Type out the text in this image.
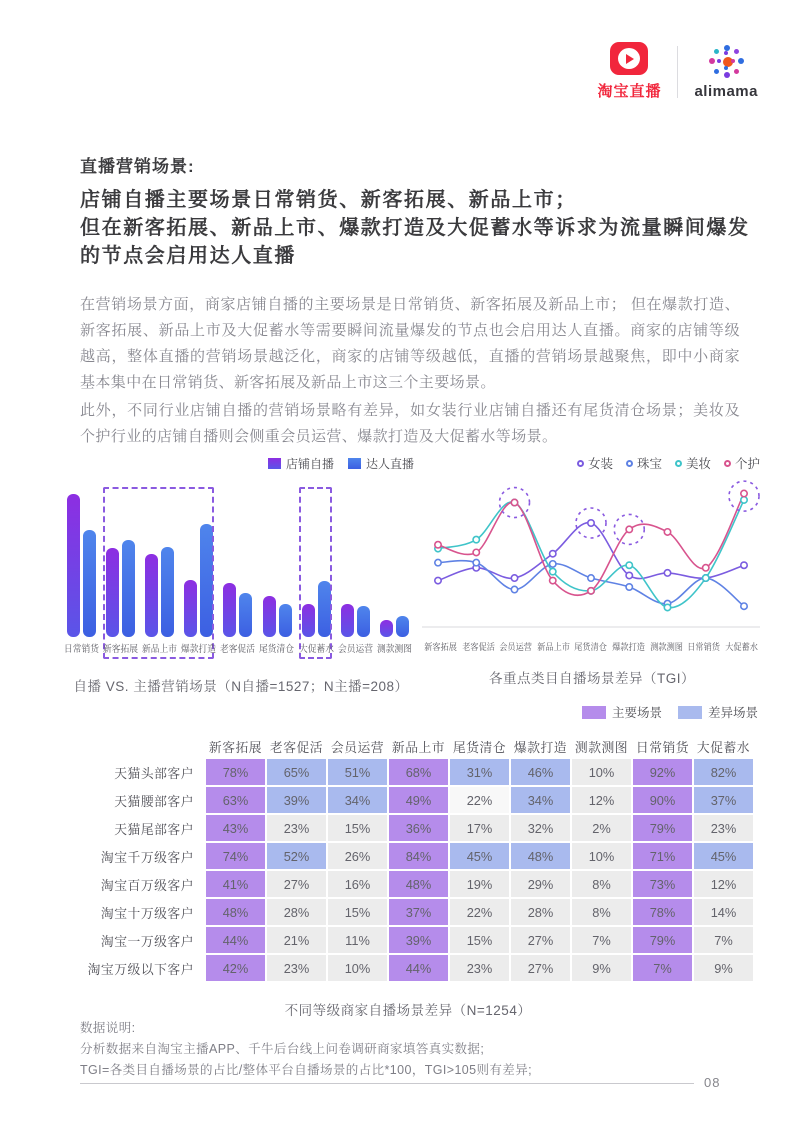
淘宝直播 alimama
直播营销场景:
店铺自播主要场景日常销货、新客拓展、新品上市；
但在新客拓展、新品上市、爆款打造及大促蓄水等诉求为流量瞬间爆发
的节点会启用达人直播

在营销场景方面，商家店铺自播的主要场景是日常销货、新客拓展及新品上市； 但在爆款打造、新客拓展、新品上市及大促蓄水等需要瞬间流量爆发的节点也会启用达人直播。商家的店铺等级越高，整体直播的营销场景越泛化，商家的店铺等级越低，直播的营销场景越聚焦，即中小商家基本集中在日常销货、新客拓展及新品上市这三个主要场景。

此外，不同行业店铺自播的营销场景略有差异，如女装行业店铺自播还有尾货清仓场景；美妆及个护行业的店铺自播则会侧重会员运营、爆款打造及大促蓄水等场景。

店铺自播	达人直播
日常销货 新客拓展 新品上市 爆款打造 老客促活 尾货清仓 大促蓄水 会员运营 测款测图
自播 VS. 主播营销场景（N自播=1527；N主播=208）
女装 珠宝 美妆 个护
新客拓展 老客促活 会员运营 新品上市 尾货清仓 爆款打造 测款测图 日常销货 大促蓄水
各重点类目自播场景差异（TGI）
主要场景	差异场景
新客拓展 老客促活 会员运营 新品上市 尾货清仓 爆款打造 测款测图 日常销货 大促蓄水
天猫头部客户	78%	65%	51%	68%	31%	46%	10%	92%	82%
天猫腰部客户	63%	39%	34%	49%	22%	34%	12%	90%	37%
天猫尾部客户	43%	23%	15%	36%	17%	32%	2%	79%	23%
淘宝千万级客户	74%	52%	26%	84%	45%	48%	10%	71%	45%
淘宝百万级客户	41%	27%	16%	48%	19%	29%	8%	73%	12%
淘宝十万级客户	48%	28%	15%	37%	22%	28%	8%	78%	14%
淘宝一万级客户	44%	21%	11%	39%	15%	27%	7%	79%	7%
淘宝万级以下客户	42%	23%	10%	44%	23%	27%	9%	7%	9%
不同等级商家自播场景差异（N=1254）
数据说明:
分析数据来自淘宝主播APP、千牛后台线上问卷调研商家填答真实数据;
TGI=各类目自播场景的占比/整体平台自播场景的占比*100，TGI>105则有差异;
08
